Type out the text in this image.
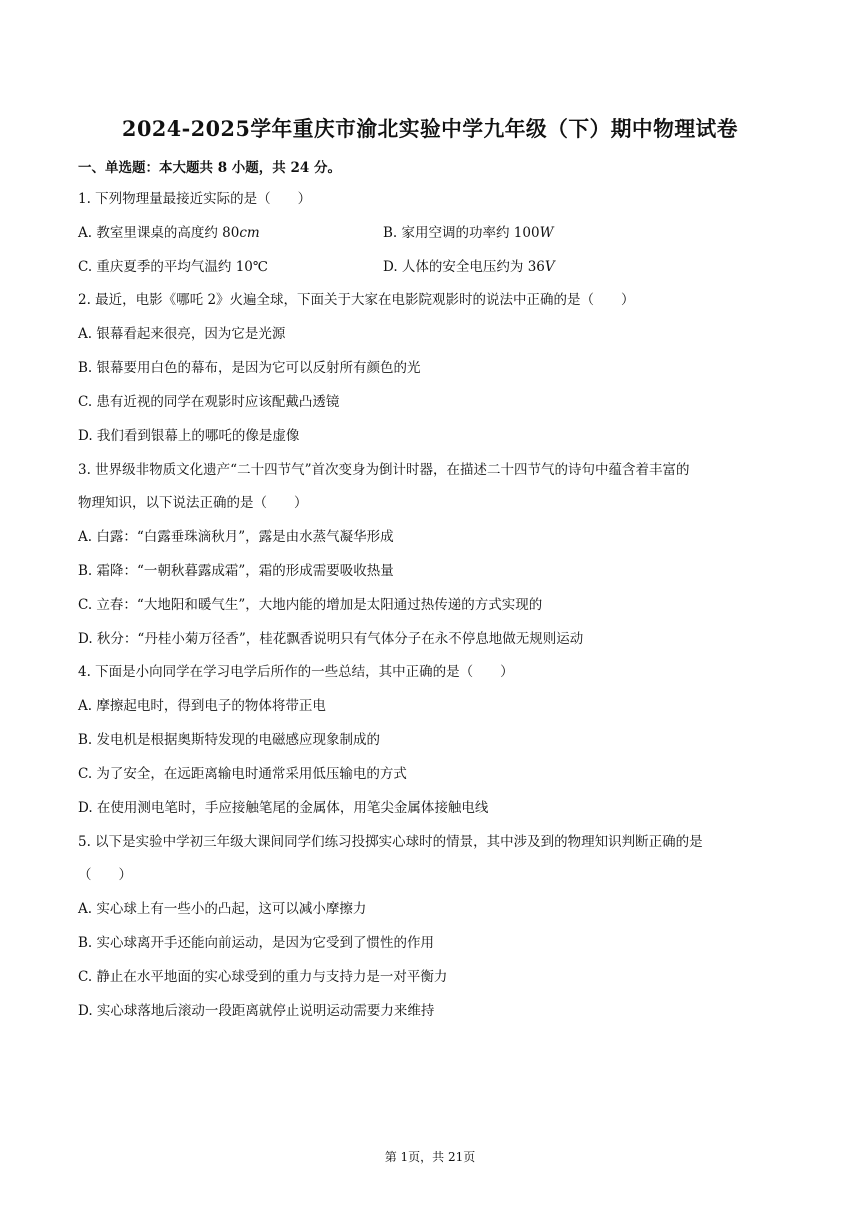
2024-2025学年重庆市渝北实验中学九年级（下）期中物理试卷
一、单选题：本大题共 8 小题，共 24 分。
1. 下列物理量最接近实际的是（　　）
A. 教室里课桌的高度约 80cm	B. 家用空调的功率约 100W
C. 重庆夏季的平均气温约 10℃	D. 人体的安全电压约为 36V
2. 最近，电影《哪吒 2》火遍全球，下面关于大家在电影院观影时的说法中正确的是（　　）
A. 银幕看起来很亮，因为它是光源
B. 银幕要用白色的幕布，是因为它可以反射所有颜色的光
C. 患有近视的同学在观影时应该配戴凸透镜
D. 我们看到银幕上的哪吒的像是虚像
3. 世界级非物质文化遗产“二十四节气”首次变身为倒计时器，在描述二十四节气的诗句中蕴含着丰富的
物理知识，以下说法正确的是（　　）
A. 白露：“白露垂珠滴秋月”，露是由水蒸气凝华形成
B. 霜降：“一朝秋暮露成霜”，霜的形成需要吸收热量
C. 立春：“大地阳和暖气生”，大地内能的增加是太阳通过热传递的方式实现的
D. 秋分：“丹桂小菊万径香”，桂花飘香说明只有气体分子在永不停息地做无规则运动
4. 下面是小向同学在学习电学后所作的一些总结，其中正确的是（　　）
A. 摩擦起电时，得到电子的物体将带正电
B. 发电机是根据奥斯特发现的电磁感应现象制成的
C. 为了安全，在远距离输电时通常采用低压输电的方式
D. 在使用测电笔时，手应接触笔尾的金属体，用笔尖金属体接触电线
5. 以下是实验中学初三年级大课间同学们练习投掷实心球时的情景，其中涉及到的物理知识判断正确的是
（　　）
A. 实心球上有一些小的凸起，这可以减小摩擦力
B. 实心球离开手还能向前运动，是因为它受到了惯性的作用
C. 静止在水平地面的实心球受到的重力与支持力是一对平衡力
D. 实心球落地后滚动一段距离就停止说明运动需要力来维持
第 1页，共 21页
